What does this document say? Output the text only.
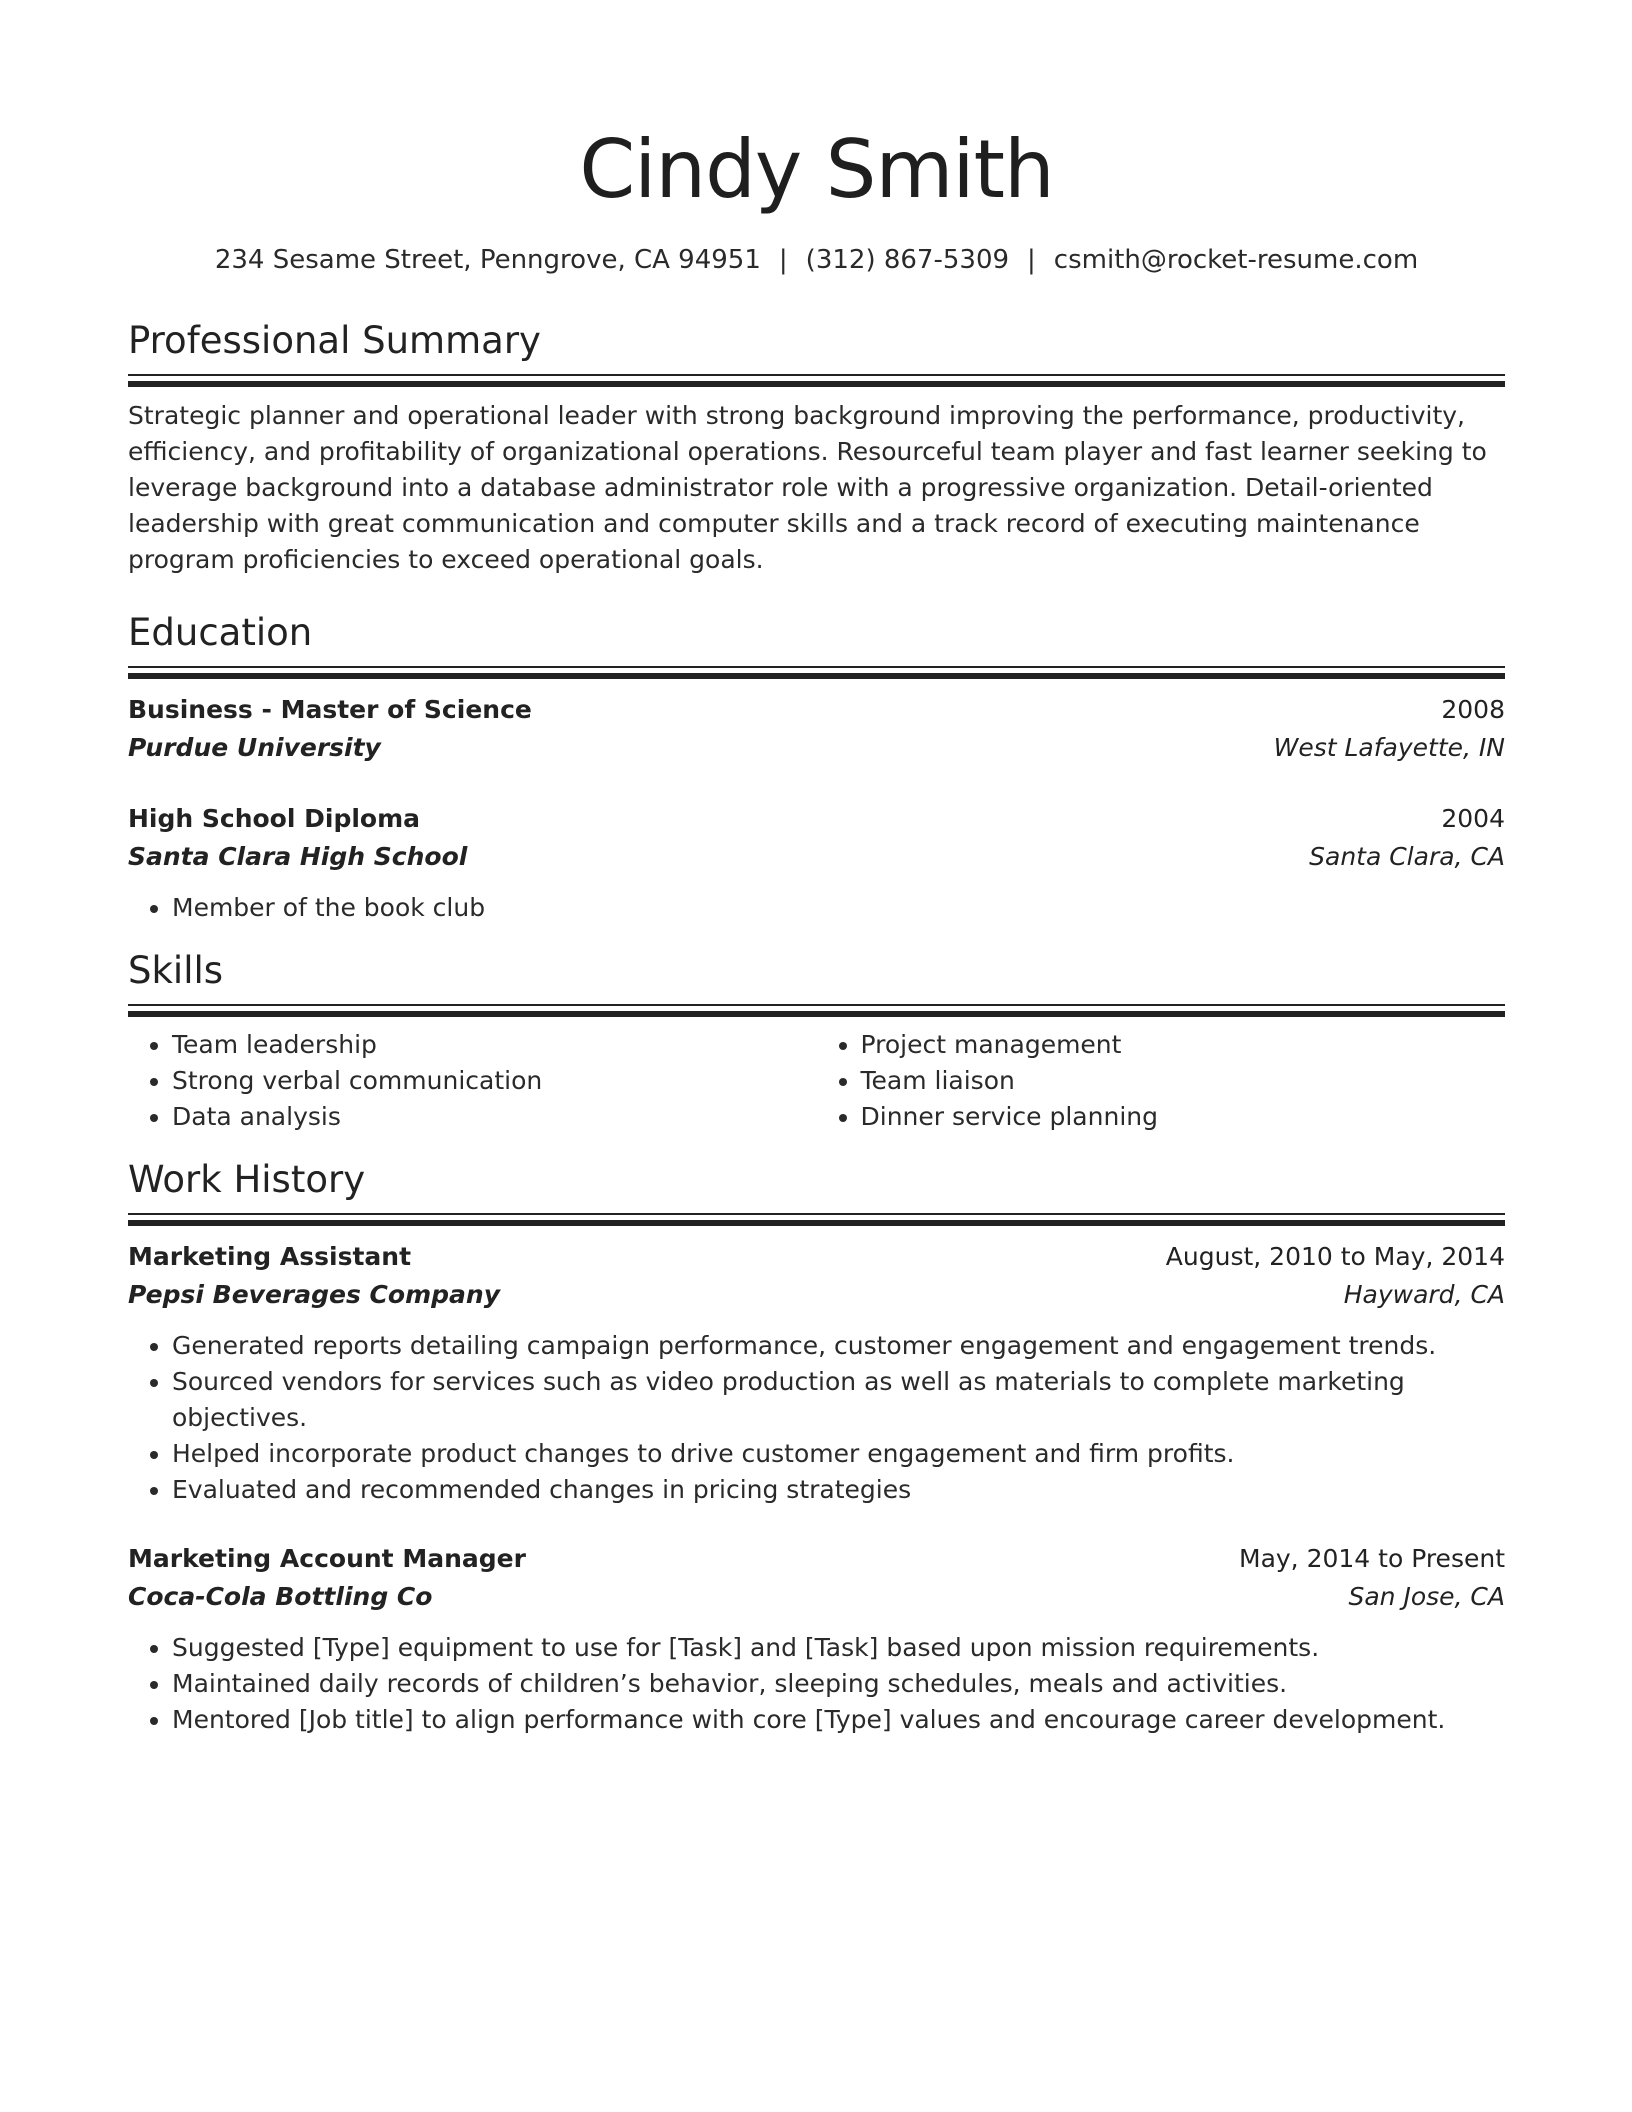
Cindy Smith
234 Sesame Street, Penngrove, CA 94951 | (312) 867-5309 | csmith@rocket-resume.com
Professional Summary
Strategic planner and operational leader with strong background improving the performance, productivity, efficiency, and profitability of organizational operations. Resourceful team player and fast learner seeking to leverage background into a database administrator role with a progressive organization. Detail-oriented leadership with great communication and computer skills and a track record of executing maintenance program proficiencies to exceed operational goals.
Education
Business - Master of Science	2008
Purdue University	West Lafayette, IN
High School Diploma	2004
Santa Clara High School	Santa Clara, CA
• Member of the book club
Skills
• Team leadership
• Strong verbal communication
• Data analysis
• Project management
• Team liaison
• Dinner service planning
Work History
Marketing Assistant	August, 2010 to May, 2014
Pepsi Beverages Company	Hayward, CA
• Generated reports detailing campaign performance, customer engagement and engagement trends.
• Sourced vendors for services such as video production as well as materials to complete marketing objectives.
• Helped incorporate product changes to drive customer engagement and firm profits.
• Evaluated and recommended changes in pricing strategies
Marketing Account Manager	May, 2014 to Present
Coca-Cola Bottling Co	San Jose, CA
• Suggested [Type] equipment to use for [Task] and [Task] based upon mission requirements.
• Maintained daily records of children’s behavior, sleeping schedules, meals and activities.
• Mentored [Job title] to align performance with core [Type] values and encourage career development.
